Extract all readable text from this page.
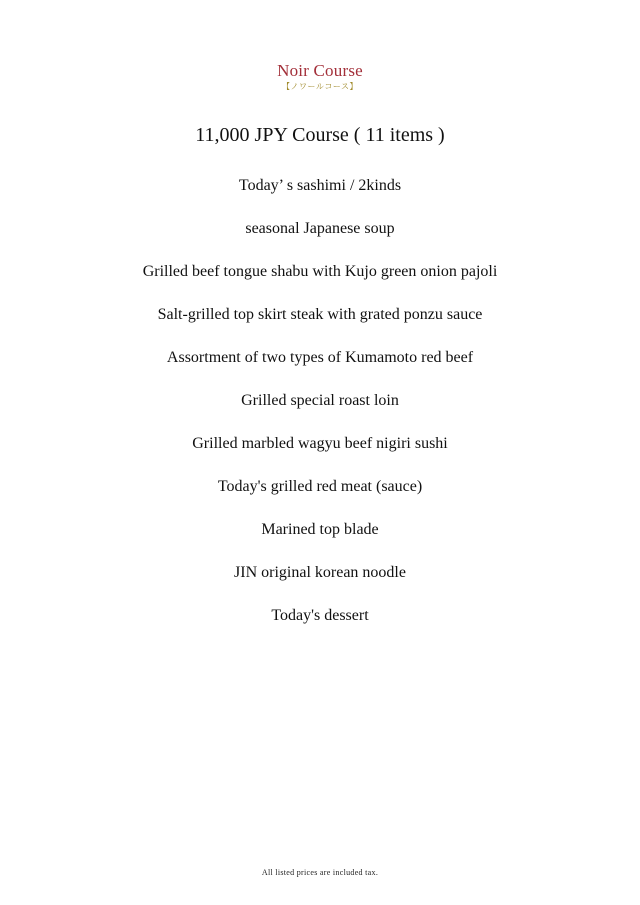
Noir Course
【ノワールコース】
11,000 JPY Course ( 11 items )
Today’ s sashimi / 2kinds
seasonal Japanese soup
Grilled beef tongue shabu with Kujo green onion pajoli
Salt-grilled top skirt steak with grated ponzu sauce
Assortment of two types of Kumamoto red beef
Grilled special roast loin
Grilled marbled wagyu beef nigiri sushi
Today's grilled red meat (sauce)
Marined top blade
JIN original korean noodle
Today's dessert
All listed prices are included tax.
